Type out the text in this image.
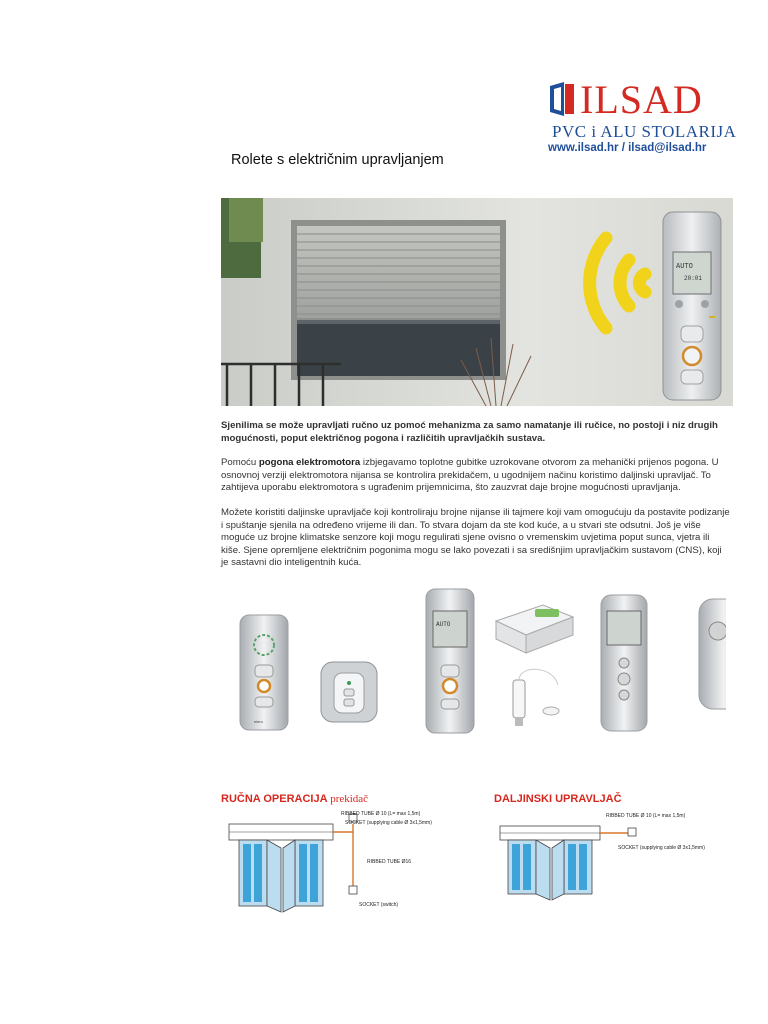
ILSAD
PVC i ALU STOLARIJA
www.ilsad.hr / ilsad@ilsad.hr
Rolete s električnim upravljanjem
AUTO
20:01

Sjenilima se može upravljati ručno uz pomoć mehanizma za samo namatanje ili ručice, no postoji i niz drugih mogućnosti, poput električnog pogona i različitih upravljačkih sustava.

Pomoću pogona elektromotora izbjegavamo toplotne gubitke uzrokovane otvorom za mehanički prijenos pogona. U osnovnoj verziji elektromotora nijansa se kontrolira prekidačem, u ugodnijem načinu koristimo daljinski upravljač. To zahtijeva uporabu elektromotora s ugrađenim prijemnicima, što zauzvrat daje brojne mogućnosti upravljanja.

Možete koristiti daljinske upravljače koji kontroliraju brojne nijanse ili tajmere koji vam omogućuju da postavite podizanje i spuštanje sjenila na određeno vrijeme ili dan. To stvara dojam da ste kod kuće, a u stvari ste odsutni. Još je više moguće uz brojne klimatske senzore koji mogu regulirati sjene ovisno o vremenskim uvjetima poput sunca, vjetra ili kiše. Sjene opremljene električnim pogonima mogu se lako povezati i sa središnjim upravljačkim sustavom (CNS), koji je sastavni dio inteligentnih kuća.

elero
AUTO
RUČNA OPERACIJA prekidač
RIBBED TUBE Ø 10 (L= max 1,5m)
SOCKET (supplying cable Ø 3x1,5mm)
RIBBED TUBE Ø16
SOCKET (switch)
DALJINSKI UPRAVLJAČ
RIBBED TUBE Ø 10 (L= max 1,5m)
SOCKET (supplying cable Ø 3x1,5mm)
